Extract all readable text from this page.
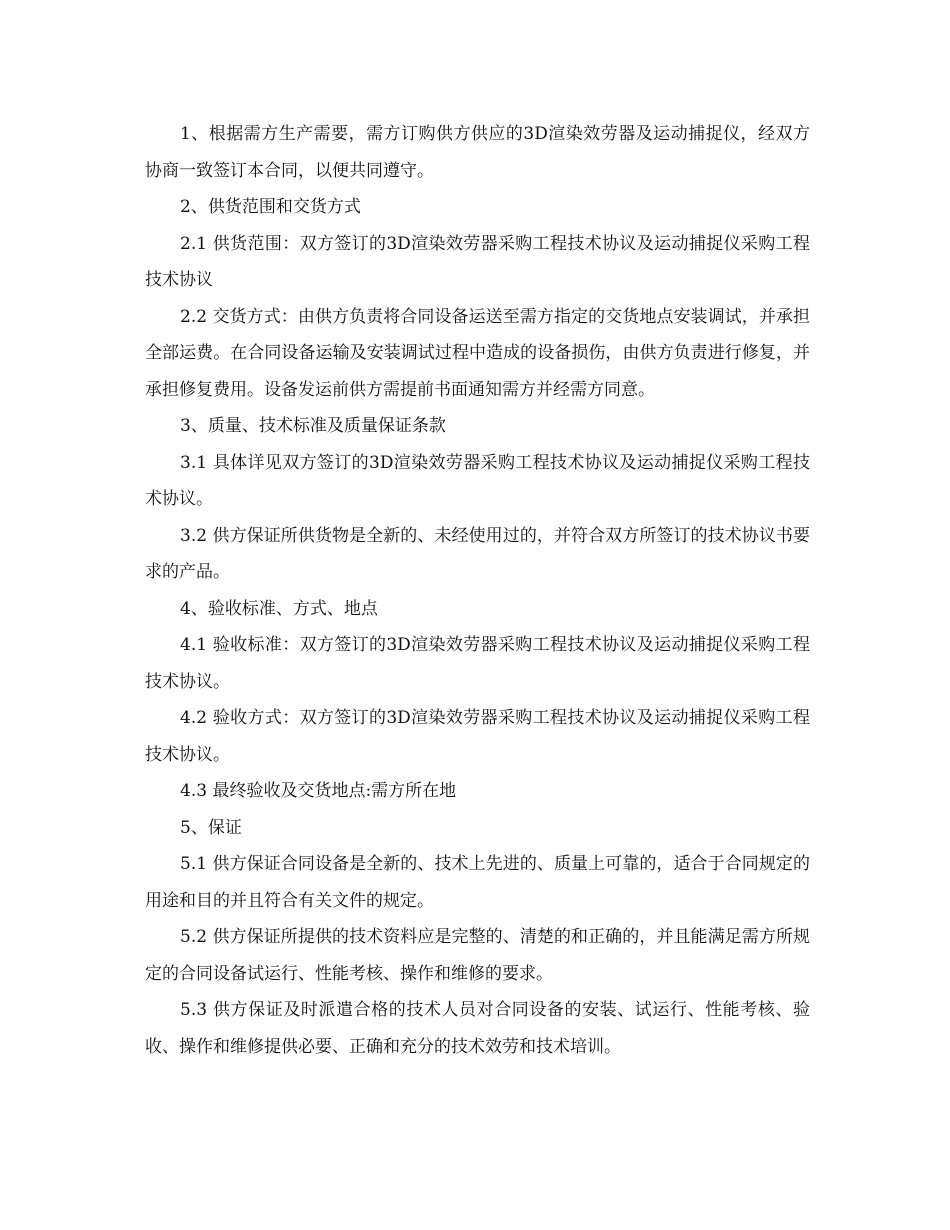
1、根据需方生产需要，需方订购供方供应的3D渲染效劳器及运动捕捉仪，经双方协商一致签订本合同，以便共同遵守。

2、供货范围和交货方式

2.1 供货范围：双方签订的3D渲染效劳器采购工程技术协议及运动捕捉仪采购工程技术协议

2.2 交货方式：由供方负责将合同设备运送至需方指定的交货地点安装调试，并承担全部运费。在合同设备运输及安装调试过程中造成的设备损伤，由供方负责进行修复，并承担修复费用。设备发运前供方需提前书面通知需方并经需方同意。

3、质量、技术标准及质量保证条款

3.1 具体详见双方签订的3D渲染效劳器采购工程技术协议及运动捕捉仪采购工程技术协议。

3.2 供方保证所供货物是全新的、未经使用过的，并符合双方所签订的技术协议书要求的产品。

4、验收标准、方式、地点

4.1 验收标准：双方签订的3D渲染效劳器采购工程技术协议及运动捕捉仪采购工程技术协议。

4.2 验收方式：双方签订的3D渲染效劳器采购工程技术协议及运动捕捉仪采购工程技术协议。

4.3 最终验收及交货地点:需方所在地

5、保证

5.1 供方保证合同设备是全新的、技术上先进的、质量上可靠的，适合于合同规定的用途和目的并且符合有关文件的规定。

5.2 供方保证所提供的技术资料应是完整的、清楚的和正确的，并且能满足需方所规定的合同设备试运行、性能考核、操作和维修的要求。

5.3 供方保证及时派遣合格的技术人员对合同设备的安装、试运行、性能考核、验收、操作和维修提供必要、正确和充分的技术效劳和技术培训。
